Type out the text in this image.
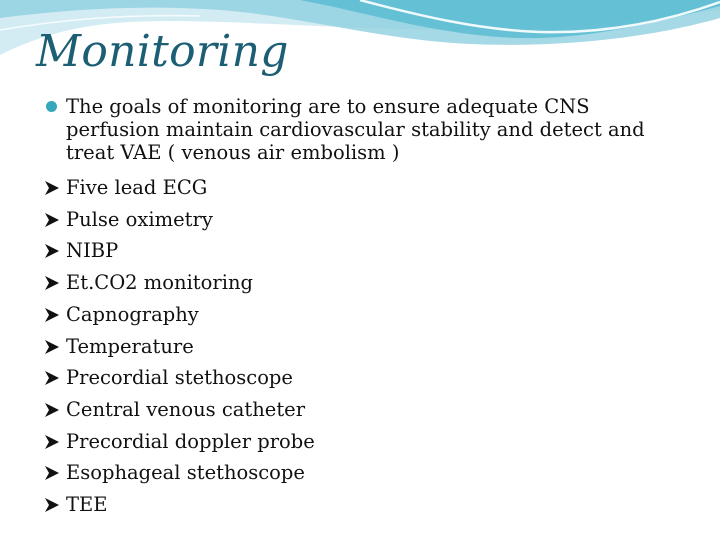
Monitoring
The goals of monitoring are to ensure adequate CNS perfusion maintain cardiovascular stability and detect and treat VAE ( venous air embolism )
Five lead ECG
Pulse oximetry
NIBP
Et.CO2 monitoring
Capnography
Temperature
Precordial stethoscope
Central venous catheter
Precordial doppler probe
Esophageal stethoscope
TEE
